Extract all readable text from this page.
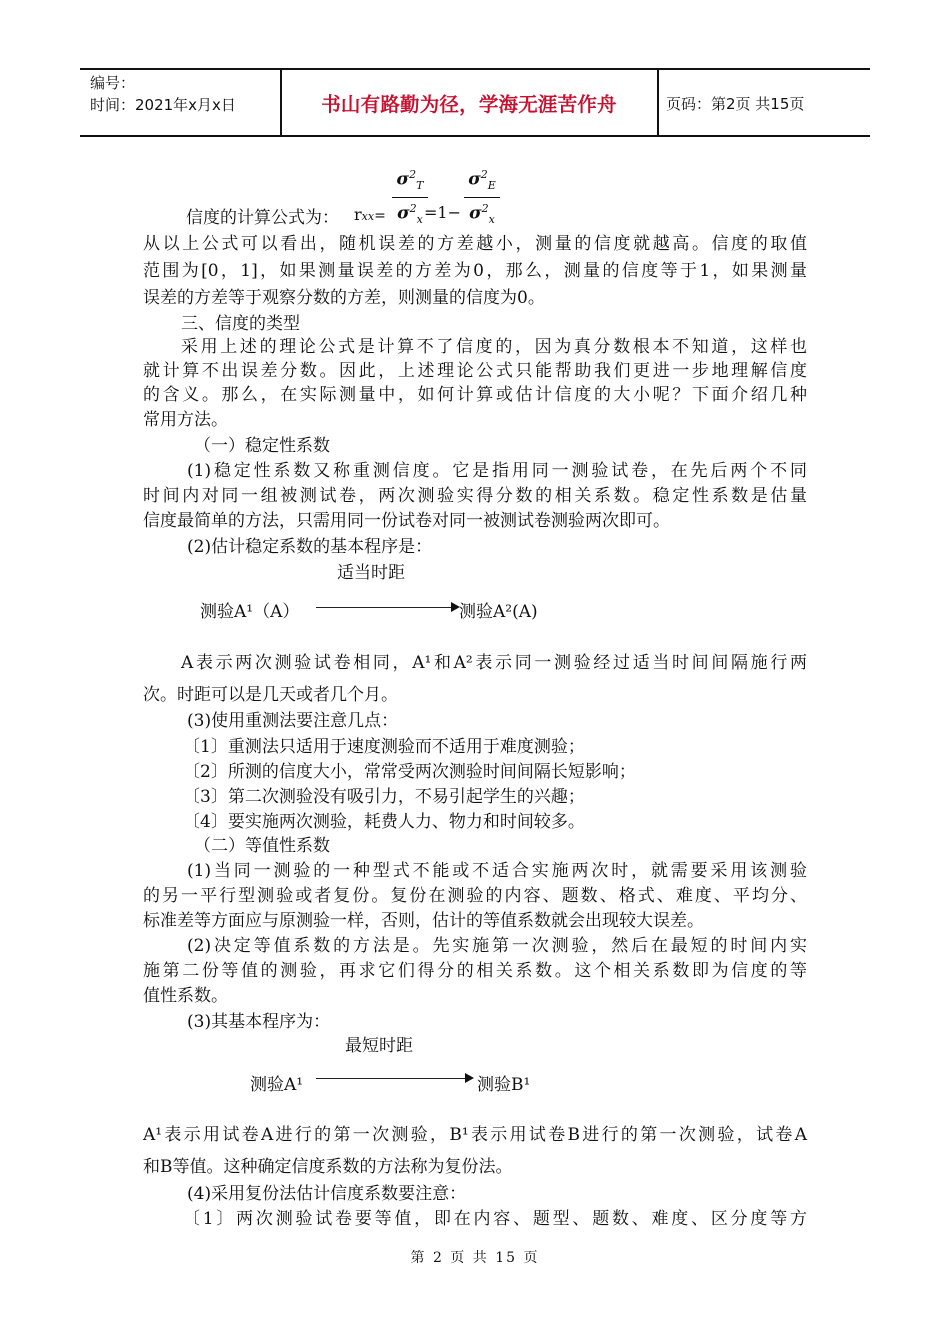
编号：
时间：2021年x月x日	书山有路勤为径，学海无涯苦作舟	页码：第2页 共15页
信度的计算公式为： rxx=
$\sigma^2_T$
$\sigma^2_x =1-$
$\sigma^2_E$
$\sigma^2_x$
从以上公式可以看出，随机误差的方差越小，测量的信度就越高。信度的取值
范围为[0，1]，如果测量误差的方差为0，那么，测量的信度等于1，如果测量
误差的方差等于观察分数的方差，则测量的信度为0。
三、信度的类型
采用上述的理论公式是计算不了信度的，因为真分数根本不知道，这样也
就计算不出误差分数。因此，上述理论公式只能帮助我们更进一步地理解信度
的含义。那么，在实际测量中，如何计算或估计信度的大小呢？下面介绍几种
常用方法。
（一）稳定性系数
(1)稳定性系数又称重测信度。它是指用同一测验试卷，在先后两个不同
时间内对同一组被测试卷，两次测验实得分数的相关系数。稳定性系数是估量
信度最简单的方法，只需用同一份试卷对同一被测试卷测验两次即可。
(2)估计稳定系数的基本程序是：
适当时距
测验A¹（A）	测验A²(A)
A表示两次测验试卷相同，A¹和A²表示同一测验经过适当时间间隔施行两
次。时距可以是几天或者几个月。
(3)使用重测法要注意几点：
〔1〕重测法只适用于速度测验而不适用于难度测验；
〔2〕所测的信度大小，常常受两次测验时间间隔长短影响；
〔3〕第二次测验没有吸引力，不易引起学生的兴趣；
〔4〕要实施两次测验，耗费人力、物力和时间较多。
（二）等值性系数
(1)当同一测验的一种型式不能或不适合实施两次时，就需要采用该测验
的另一平行型测验或者复份。复份在测验的内容、题数、格式、难度、平均分、
标准差等方面应与原测验一样，否则，估计的等值系数就会出现较大误差。
(2)决定等值系数的方法是。先实施第一次测验，然后在最短的时间内实
施第二份等值的测验，再求它们得分的相关系数。这个相关系数即为信度的等
值性系数。
(3)其基本程序为：
最短时距
测验A¹	测验B¹
A¹表示用试卷A进行的第一次测验，B¹表示用试卷B进行的第一次测验，试卷A
和B等值。这种确定信度系数的方法称为复份法。
(4)采用复份法估计信度系数要注意：
〔1〕两次测验试卷要等值，即在内容、题型、题数、难度、区分度等方
第 2 页 共 15 页
